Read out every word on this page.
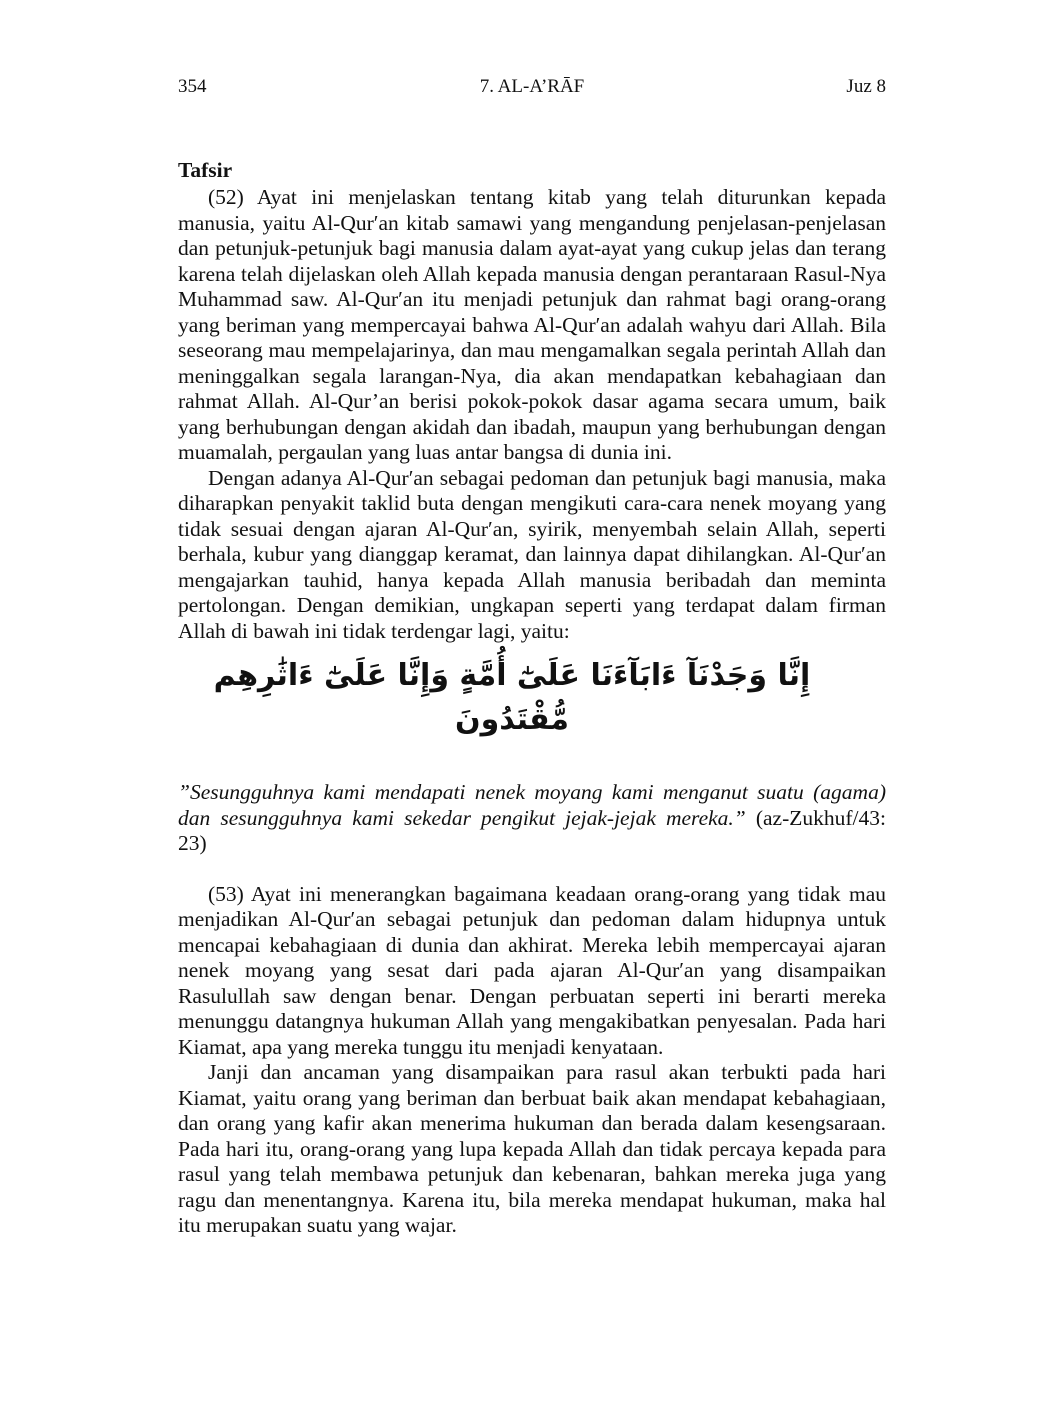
354	7. AL-A’RĀF	Juz 8
Tafsir

(52) Ayat ini menjelaskan tentang kitab yang telah diturunkan kepada manusia, yaitu Al-Qur′an kitab samawi yang mengandung penjelasan-penjelasan dan petunjuk-petunjuk bagi manusia dalam ayat-ayat yang cukup jelas dan terang karena telah dijelaskan oleh Allah kepada manusia dengan perantaraan Rasul-Nya Muhammad saw. Al-Qur′an itu menjadi petunjuk dan rahmat bagi orang-orang yang beriman yang mempercayai bahwa Al-Qur′an adalah wahyu dari Allah. Bila seseorang mau mempelajarinya, dan mau mengamalkan segala perintah Allah dan meninggalkan segala larangan-Nya, dia akan mendapatkan kebahagiaan dan rahmat Allah. Al-Qur’an berisi pokok-pokok dasar agama secara umum, baik yang berhubungan dengan akidah dan ibadah, maupun yang berhubungan dengan muamalah, pergaulan yang luas antar bangsa di dunia ini.

Dengan adanya Al-Qur′an sebagai pedoman dan petunjuk bagi manusia, maka diharapkan penyakit taklid buta dengan mengikuti cara-cara nenek moyang yang tidak sesuai dengan ajaran Al-Qur′an, syirik, menyembah selain Allah, seperti berhala, kubur yang dianggap keramat, dan lainnya dapat dihilangkan. Al-Qur′an mengajarkan tauhid, hanya kepada Allah manusia beribadah dan meminta pertolongan. Dengan demikian, ungkapan seperti yang terdapat dalam firman Allah di bawah ini tidak terdengar lagi, yaitu:

إِنَّا وَجَدْنَآ ءَابَآءَنَا عَلَىٰٓ أُمَّةٍ وَإِنَّا عَلَىٰٓ ءَاثَٰرِهِم مُّقْتَدُونَ

”Sesungguhnya kami mendapati nenek moyang kami menganut suatu (agama) dan sesungguhnya kami sekedar pengikut jejak-jejak mereka.” (az-Zukhuf/43: 23)

(53) Ayat ini menerangkan bagaimana keadaan orang-orang yang tidak mau menjadikan Al-Qur′an sebagai petunjuk dan pedoman dalam hidupnya untuk mencapai kebahagiaan di dunia dan akhirat. Mereka lebih mempercayai ajaran nenek moyang yang sesat dari pada ajaran Al-Qur′an yang disampaikan Rasulullah saw dengan benar. Dengan perbuatan seperti ini berarti mereka menunggu datangnya hukuman Allah yang mengakibatkan penyesalan. Pada hari Kiamat, apa yang mereka tunggu itu menjadi kenyataan.

Janji dan ancaman yang disampaikan para rasul akan terbukti pada hari Kiamat, yaitu orang yang beriman dan berbuat baik akan mendapat kebahagiaan, dan orang yang kafir akan menerima hukuman dan berada dalam kesengsaraan. Pada hari itu, orang-orang yang lupa kepada Allah dan tidak percaya kepada para rasul yang telah membawa petunjuk dan kebenaran, bahkan mereka juga yang ragu dan menentangnya. Karena itu, bila mereka mendapat hukuman, maka hal itu merupakan suatu yang wajar.
